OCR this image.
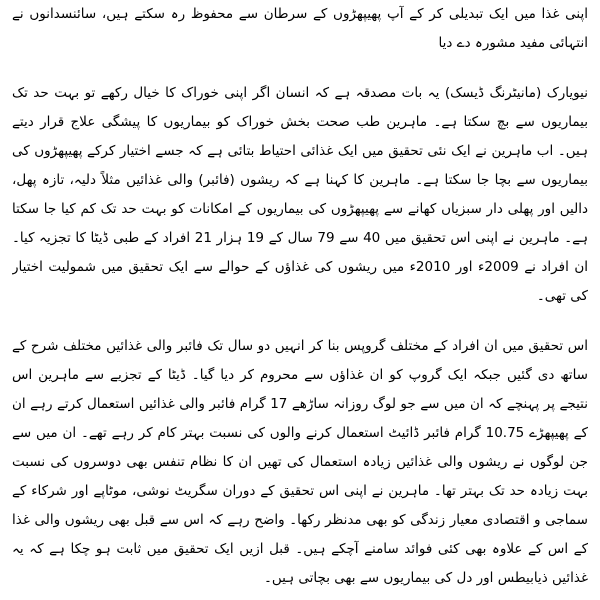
اپنی غذا میں ایک تبدیلی کر کے آپ پھیپھڑوں کے سرطان سے محفوظ رہ سکتے ہیں، سائنسدانوں نے انتہائی مفید مشورہ دے دیا

نیویارک (مانیٹرنگ ڈیسک) یہ بات مصدقہ ہے کہ انسان اگر اپنی خوراک کا خیال رکھے تو بہت حد تک بیماریوں سے بچ سکتا ہے۔ ماہرین طب صحت بخش خوراک کو بیماریوں کا پیشگی علاج قرار دیتے ہیں۔ اب ماہرین نے ایک نئی تحقیق میں ایک غذائی احتیاط بتائی ہے کہ جسے اختیار کرکے پھیپھڑوں کی بیماریوں سے بچا جا سکتا ہے۔ ماہرین کا کہنا ہے کہ ریشوں (فائبر) والی غذائیں مثلاً دلیہ، تازہ پھل، دالیں اور پھلی دار سبزیاں کھانے سے پھیپھڑوں کی بیماریوں کے امکانات کو بہت حد تک کم کیا جا سکتا ہے۔ ماہرین نے اپنی اس تحقیق میں 40 سے 79 سال کے 19 ہزار 21 افراد کے طبی ڈیٹا کا تجزیہ کیا۔ ان افراد نے 2009ء اور 2010ء میں ریشوں کی غذاؤں کے حوالے سے ایک تحقیق میں شمولیت اختیار کی تھی۔

اس تحقیق میں ان افراد کے مختلف گروپس بنا کر انہیں دو سال تک فائبر والی غذائیں مختلف شرح کے ساتھ دی گئیں جبکہ ایک گروپ کو ان غذاؤں سے محروم کر دیا گیا۔ ڈیٹا کے تجزیے سے ماہرین اس نتیجے پر پہنچے کہ ان میں سے جو لوگ روزانہ ساڑھے 17 گرام فائبر والی غذائیں استعمال کرتے رہے ان کے پھیپھڑے 10.75 گرام فائبر ڈائیٹ استعمال کرنے والوں کی نسبت بہتر کام کر رہے تھے۔ ان میں سے جن لوگوں نے ریشوں والی غذائیں زیادہ استعمال کی تھیں ان کا نظام تنفس بھی دوسروں کی نسبت بہت زیادہ حد تک بہتر تھا۔ ماہرین نے اپنی اس تحقیق کے دوران سگریٹ نوشی، موٹاپے اور شرکاء کے سماجی و اقتصادی معیار زندگی کو بھی مدنظر رکھا۔ واضح رہے کہ اس سے قبل بھی ریشوں والی غذا کے اس کے علاوہ بھی کئی فوائد سامنے آچکے ہیں۔ قبل ازیں ایک تحقیق میں ثابت ہو چکا ہے کہ یہ غذائیں ذیابیطس اور دل کی بیماریوں سے بھی بچاتی ہیں۔
